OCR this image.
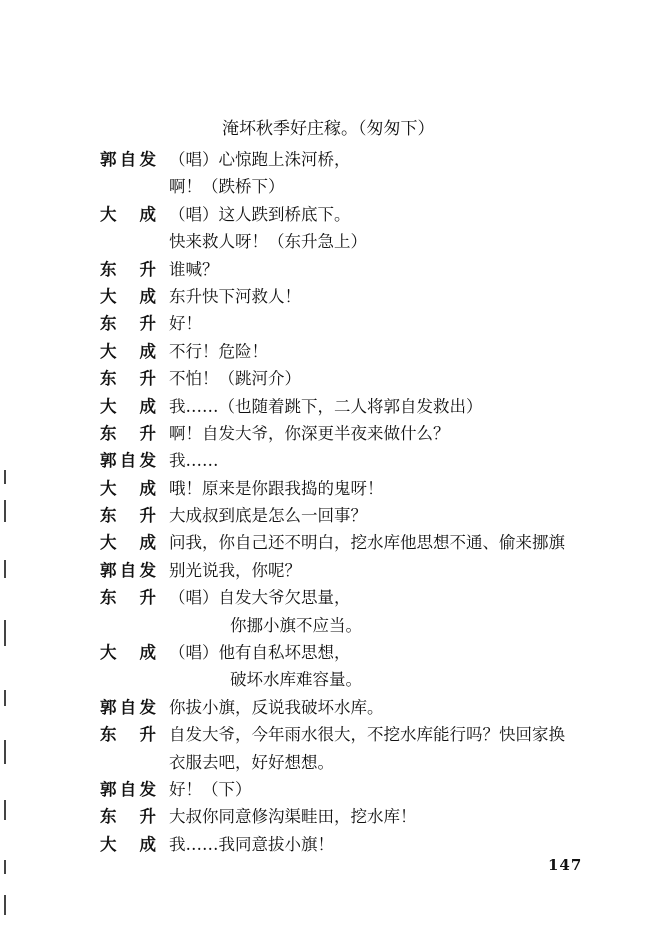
淹坏秋季好庄稼。（匆匆下）
郭自发 （唱）心惊跑上洙河桥，
啊！（跌桥下）
大成 （唱）这人跌到桥底下。
快来救人呀！（东升急上）
东升 谁喊？
大成 东升快下河救人！
东升 好！
大成 不行！危险！
东升 不怕！（跳河介）
大成 我……（也随着跳下，二人将郭自发救出）
东升 啊！自发大爷，你深更半夜来做什么？
郭自发 我……
大成 哦！原来是你跟我捣的鬼呀！
东升 大成叔到底是怎么一回事？
大成 问我，你自己还不明白，挖水库他思想不通、偷来挪旗
郭自发 别光说我，你呢？
东升 （唱）自发大爷欠思量，
你挪小旗不应当。
大成 （唱）他有自私坏思想，
破坏水库难容量。
郭自发 你拔小旗，反说我破坏水库。
东升 自发大爷，今年雨水很大，不挖水库能行吗？快回家换
衣服去吧，好好想想。
郭自发 好！（下）
东升 大叔你同意修沟渠畦田，挖水库！
大成 我……我同意拔小旗！
147
